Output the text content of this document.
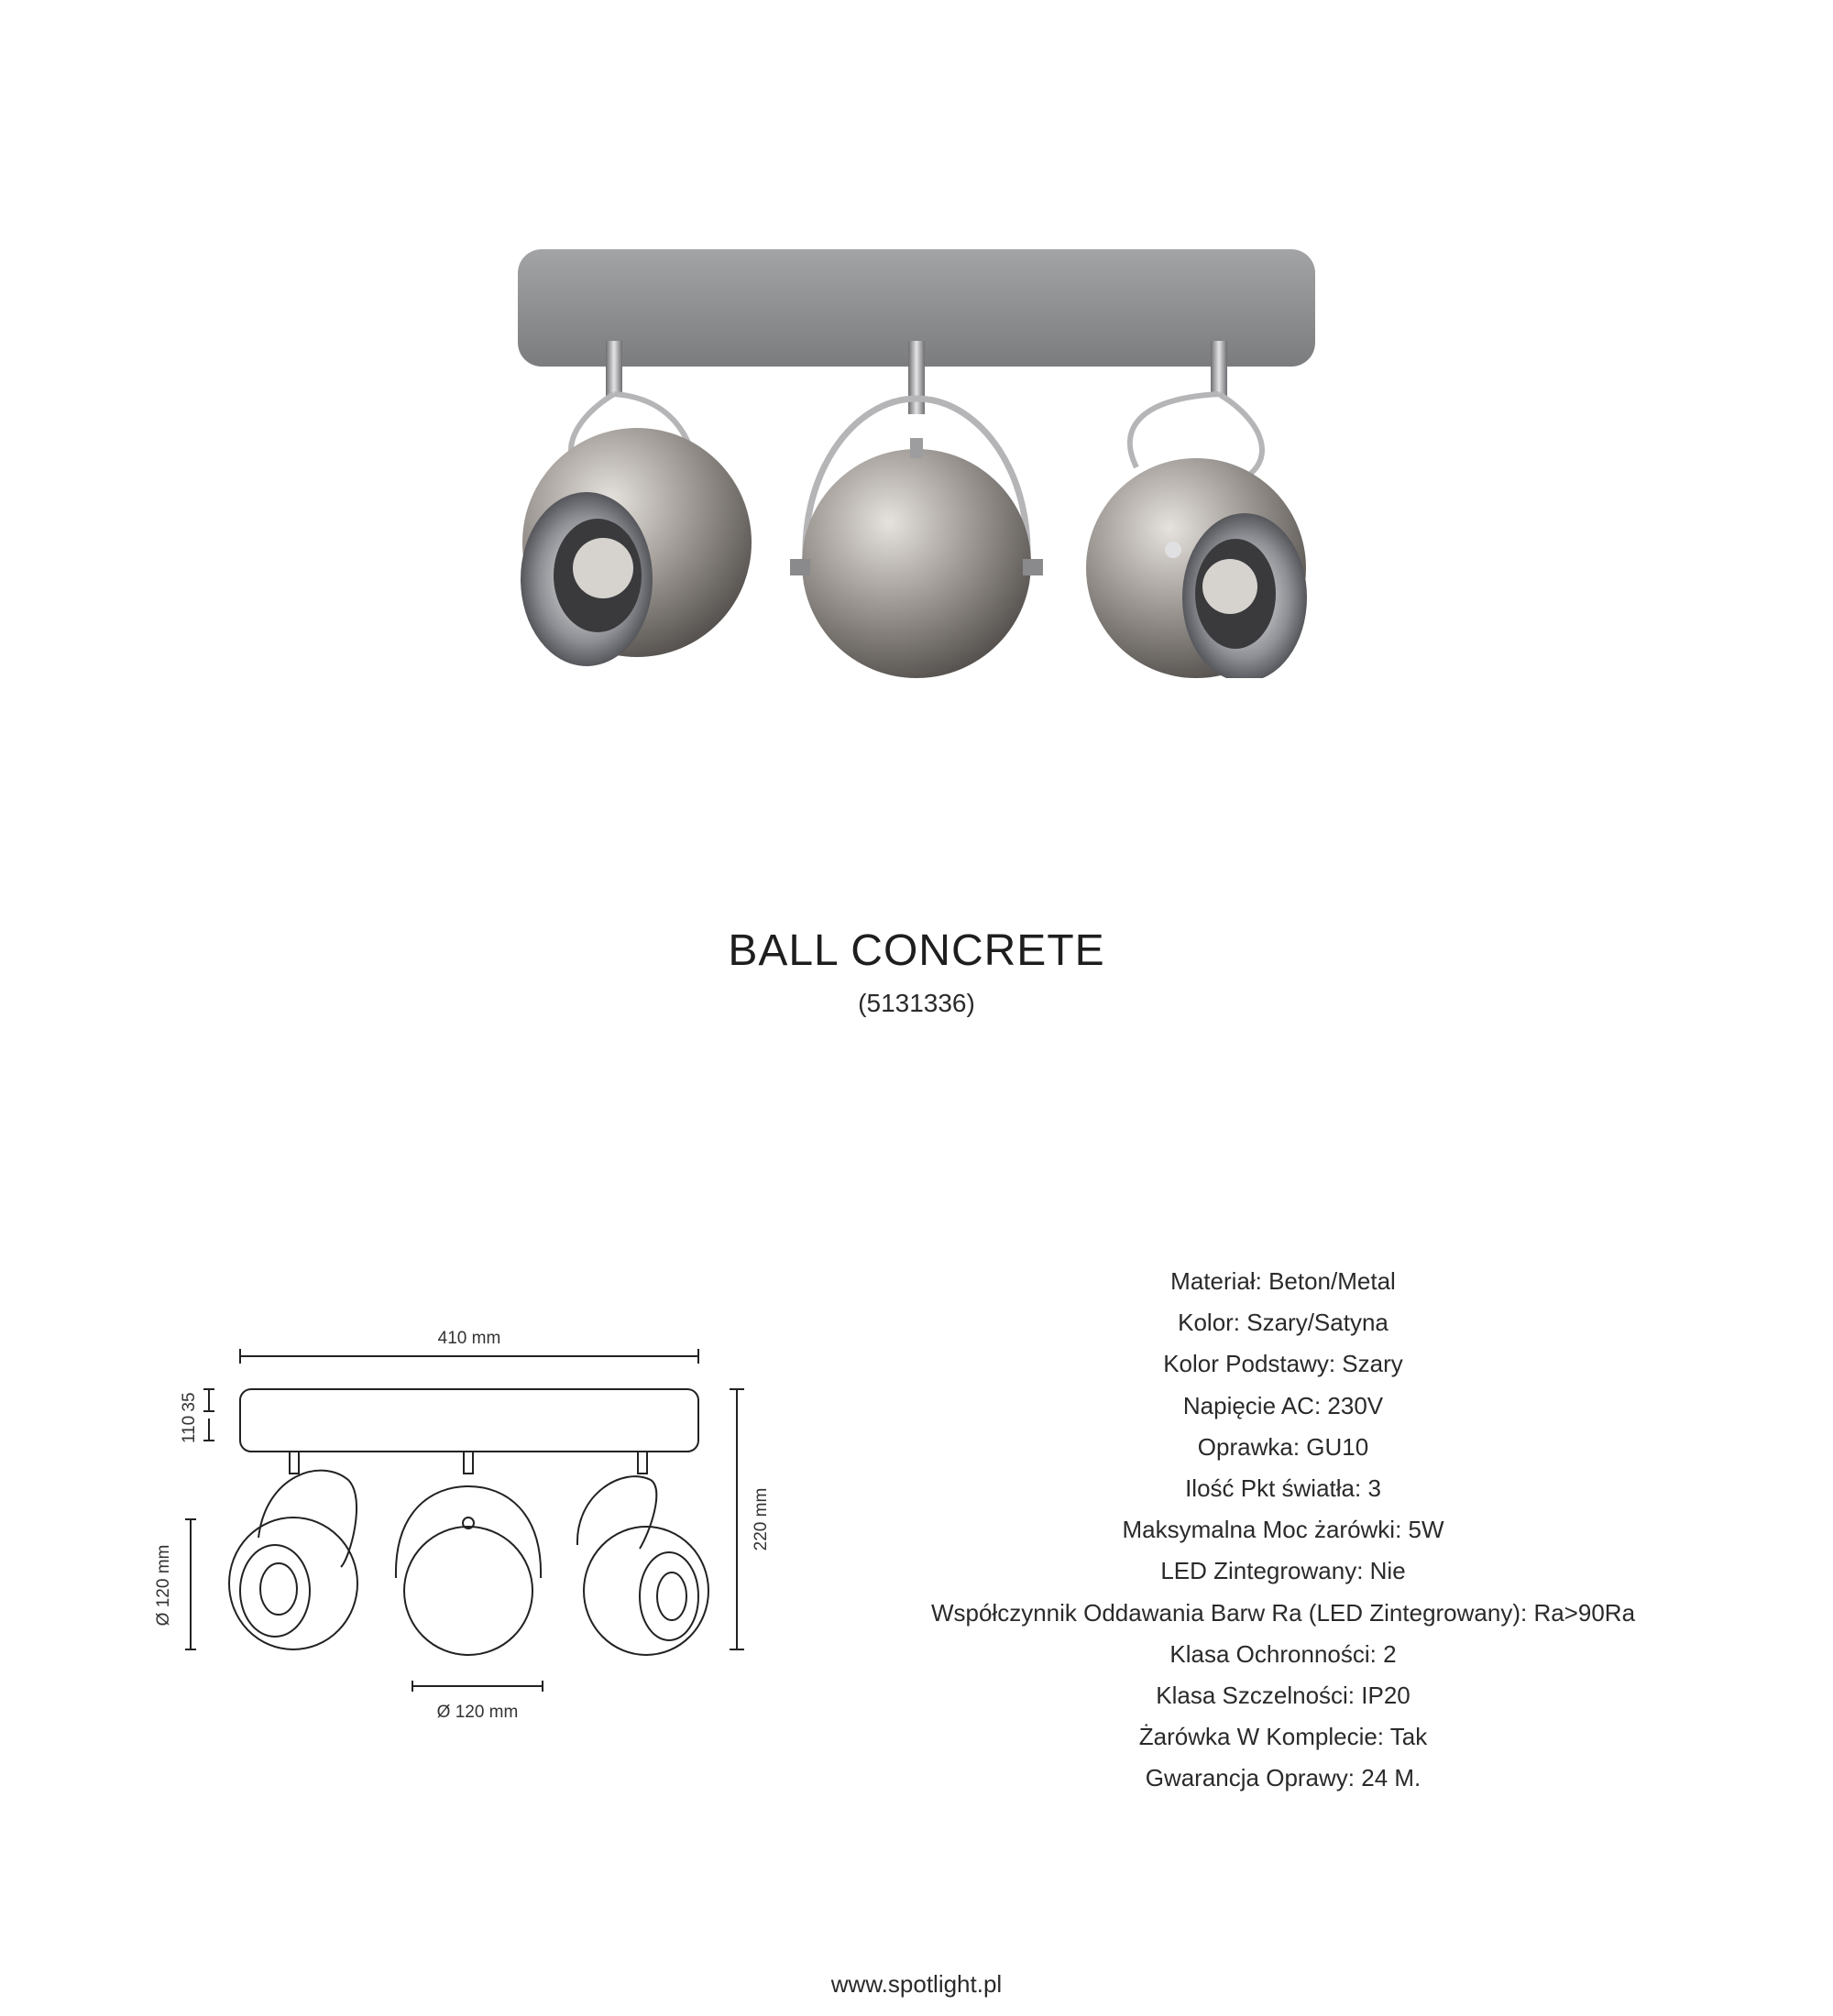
BALL CONCRETE
(5131336)
410 mm
35
110
220 mm
Ø 120 mm
Ø 120 mm
Materiał: Beton/Metal
Kolor: Szary/Satyna
Kolor Podstawy: Szary
Napięcie AC: 230V
Oprawka: GU10
Ilość Pkt światła: 3
Maksymalna Moc żarówki: 5W
LED Zintegrowany: Nie
Współczynnik Oddawania Barw Ra (LED Zintegrowany): Ra>90Ra
Klasa Ochronności: 2
Klasa Szczelności: IP20
Żarówka W Komplecie: Tak
Gwarancja Oprawy: 24 M.
www.spotlight.pl
